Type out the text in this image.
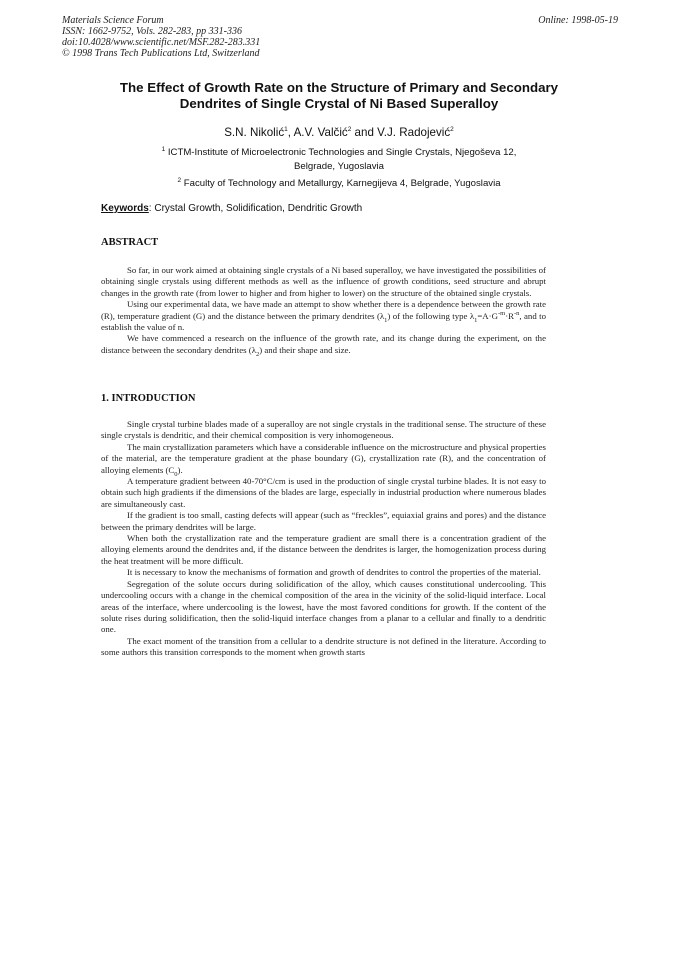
Materials Science Forum
ISSN: 1662-9752, Vols. 282-283, pp 331-336
doi:10.4028/www.scientific.net/MSF.282-283.331
© 1998 Trans Tech Publications Ltd, Switzerland
Online: 1998-05-19
The Effect of Growth Rate on the Structure of Primary and Secondary
Dendrites of Single Crystal of Ni Based Superalloy
S.N. Nikolić$^1$, A.V. Valčić$^2$ and V.J. Radojević$^2$
$^1$ ICTM-Institute of Microelectronic Technologies and Single Crystals, Njegoševa 12,
Belgrade, Yugoslavia
$^2$ Faculty of Technology and Metallurgy, Karnegijeva 4, Belgrade, Yugoslavia
Keywords: Crystal Growth, Solidification, Dendritic Growth
ABSTRACT

So far, in our work aimed at obtaining single crystals of a Ni based superalloy, we have investigated the possibilities of obtaining single crystals using different methods as well as the influence of growth conditions, seed structure and abrupt changes in the growth rate (from lower to higher and from higher to lower) on the structure of the obtained single crystals.

Using our experimental data, we have made an attempt to show whether there is a dependence between the growth rate (R), temperature gradient (G) and the distance between the primary dendrites $(\lambda_1)$ of the following type $\lambda_1=A\cdot G^{-m}\cdot R^{-n}$, and to establish the value of n.

We have commenced a research on the influence of the growth rate, and its change during the experiment, on the distance between the secondary dendrites $(\lambda_2)$ and their shape and size.

1. INTRODUCTION

Single crystal turbine blades made of a superalloy are not single crystals in the traditional sense. The structure of these single crystals is dendritic, and their chemical composition is very inhomogeneous.

The main crystallization parameters which have a considerable influence on the microstructure and physical properties of the material, are the temperature gradient at the phase boundary (G), crystallization rate (R), and the concentration of alloying elements $(C_0)$.

A temperature gradient between 40-70°C/cm is used in the production of single crystal turbine blades. It is not easy to obtain such high gradients if the dimensions of the blades are large, especially in industrial production where numerous blades are simultaneously cast.

If the gradient is too small, casting defects will appear (such as “freckles”, equiaxial grains and pores) and the distance between the primary dendrites will be large.

When both the crystallization rate and the temperature gradient are small there is a concentration gradient of the alloying elements around the dendrites and, if the distance between the dendrites is larger, the homogenization process during the heat treatment will be more difficult.

It is necessary to know the mechanisms of formation and growth of dendrites to control the properties of the material.

Segregation of the solute occurs during solidification of the alloy, which causes constitutional undercooling. This undercooling occurs with a change in the chemical composition of the area in the vicinity of the solid-liquid interface. Local areas of the interface, where undercooling is the lowest, have the most favored conditions for growth. If the content of the solute rises during solidification, then the solid-liquid interface changes from a planar to a cellular and finally to a dendritic one.

The exact moment of the transition from a cellular to a dendrite structure is not defined in the literature. According to some authors this transition corresponds to the moment when growth starts
